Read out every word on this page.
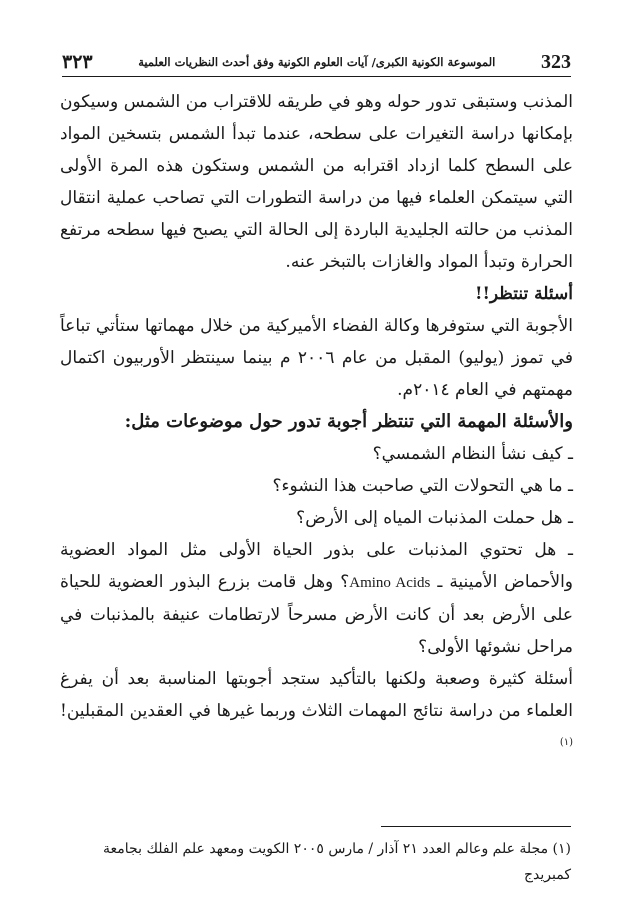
٣٢٣	الموسوعة الكونية الكبرى/ آيات العلوم الكونية وفق أحدث النظريات العلمية 323

المذنب وستبقى تدور حوله وهو في طريقه للاقتراب من الشمس وسيكون بإمكانها دراسة التغيرات على سطحه، عندما تبدأ الشمس بتسخين المواد على السطح كلما ازداد اقترابه من الشمس وستكون هذه المرة الأولى التي سيتمكن العلماء فيها من دراسة التطورات التي تصاحب عملية انتقال المذنب من حالته الجليدية الباردة إلى الحالة التي يصبح فيها سطحه مرتفع الحرارة وتبدأ المواد والغازات بالتبخر عنه.

أسئلة تنتظر!!

الأجوبة التي ستوفرها وكالة الفضاء الأميركية من خلال مهماتها ستأتي تباعاً في تموز (يوليو) المقبل من عام ٢٠٠٦ م بينما سينتظر الأوربيون اكتمال مهمتهم في العام ٢٠١٤م.

والأسئلة المهمة التي تنتظر أجوبة تدور حول موضوعات مثل:

ـ كيف نشأ النظام الشمسي؟
ـ ما هي التحولات التي صاحبت هذا النشوء؟
ـ هل حملت المذنبات المياه إلى الأرض؟

ـ هل تحتوي المذنبات على بذور الحياة الأولى مثل المواد العضوية والأحماض الأمينية ـ Amino Acids؟ وهل قامت بزرع البذور العضوية للحياة على الأرض بعد أن كانت الأرض مسرحاً لارتطامات عنيفة بالمذنبات في مراحل نشوئها الأولى؟

أسئلة كثيرة وصعبة ولكنها بالتأكيد ستجد أجوبتها المناسبة بعد أن يفرغ العلماء من دراسة نتائج المهمات الثلاث وربما غيرها في العقدين المقبلين!$^{(١)}$

(١) مجلة علم وعالم العدد ٢١ آذار / مارس ٢٠٠٥ الكويت ومعهد علم الفلك بجامعة كمبريدج
